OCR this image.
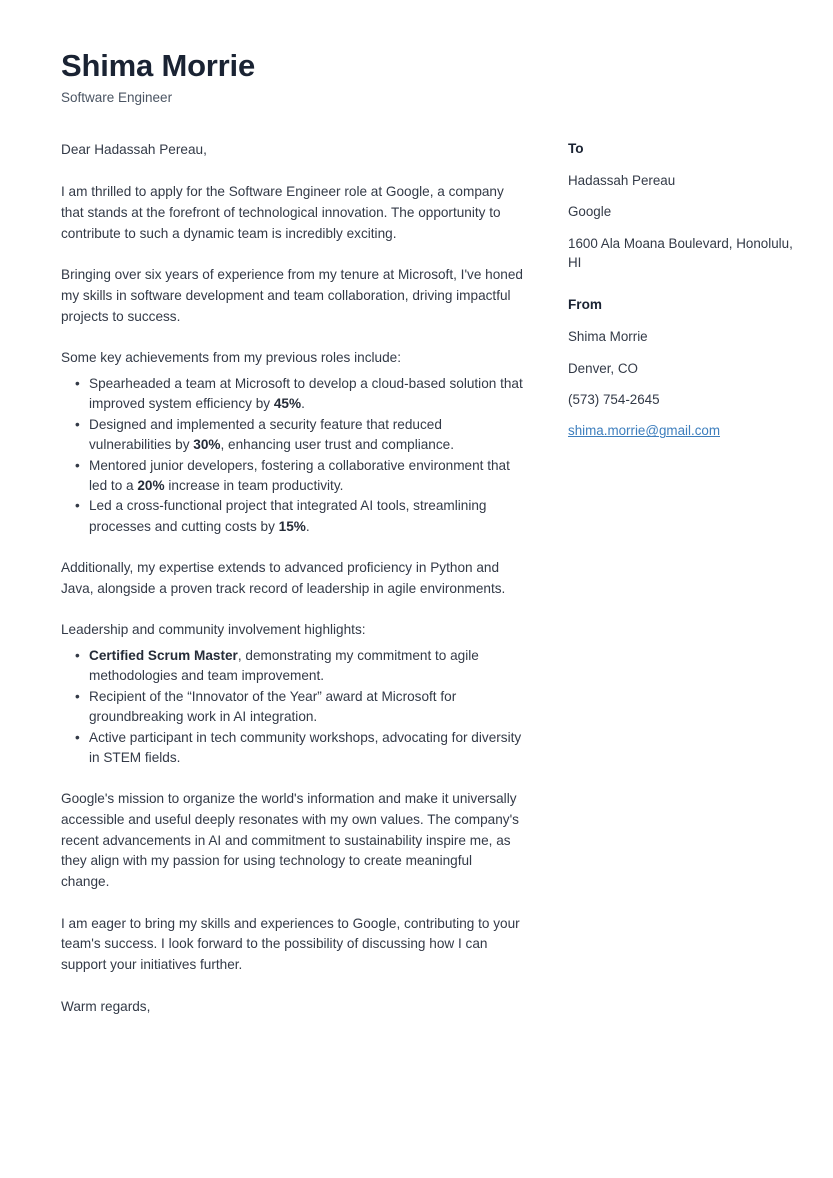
Shima Morrie
Software Engineer

Dear Hadassah Pereau,

I am thrilled to apply for the Software Engineer role at Google, a company that stands at the forefront of technological innovation. The opportunity to contribute to such a dynamic team is incredibly exciting.

Bringing over six years of experience from my tenure at Microsoft, I've honed my skills in software development and team collaboration, driving impactful projects to success.

Some key achievements from my previous roles include:

• Spearheaded a team at Microsoft to develop a cloud-based solution that improved system efficiency by 45%.
• Designed and implemented a security feature that reduced vulnerabilities by 30%, enhancing user trust and compliance.
• Mentored junior developers, fostering a collaborative environment that led to a 20% increase in team productivity.
• Led a cross-functional project that integrated AI tools, streamlining processes and cutting costs by 15%.

Additionally, my expertise extends to advanced proficiency in Python and Java, alongside a proven track record of leadership in agile environments.

Leadership and community involvement highlights:

• Certified Scrum Master, demonstrating my commitment to agile methodologies and team improvement.
• Recipient of the “Innovator of the Year” award at Microsoft for groundbreaking work in AI integration.
• Active participant in tech community workshops, advocating for diversity in STEM fields.

Google's mission to organize the world's information and make it universally accessible and useful deeply resonates with my own values. The company's recent advancements in AI and commitment to sustainability inspire me, as they align with my passion for using technology to create meaningful change.

I am eager to bring my skills and experiences to Google, contributing to your team's success. I look forward to the possibility of discussing how I can support your initiatives further.

Warm regards,

To
Hadassah Pereau
Google
1600 Ala Moana Boulevard, Honolulu, HI
From
Shima Morrie
Denver, CO
(573) 754-2645
shima.morrie@gmail.com
